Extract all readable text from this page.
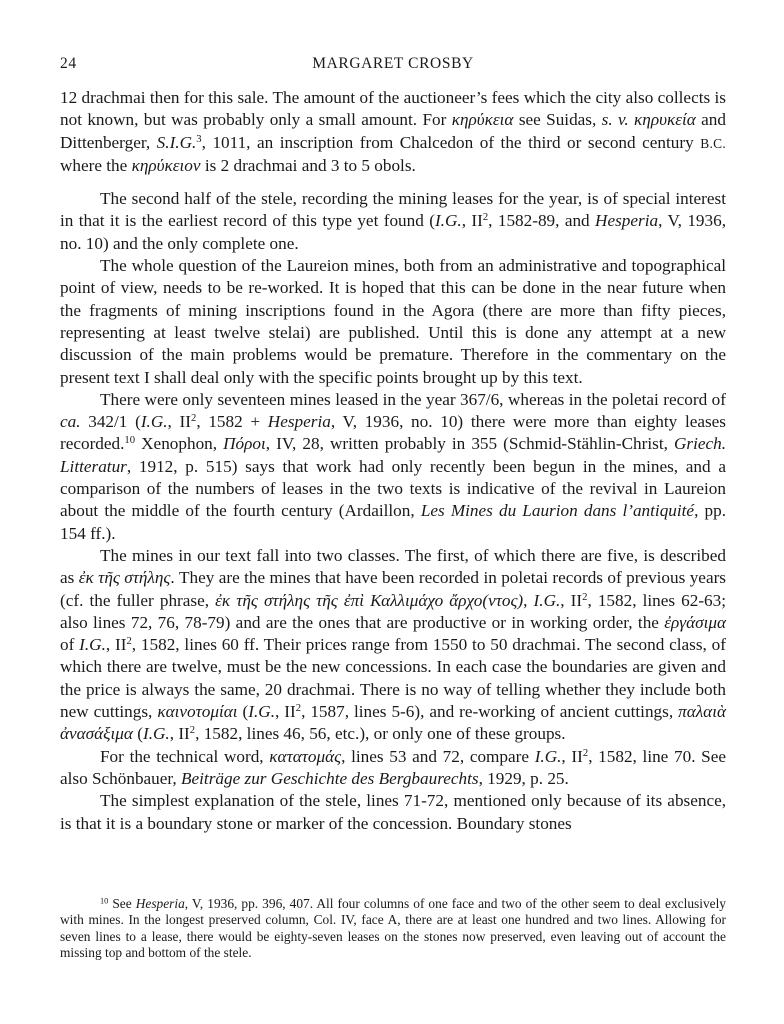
24	MARGARET CROSBY

12 drachmai then for this sale. The amount of the auctioneer’s fees which the city also collects is not known, but was probably only a small amount. For κηρύκεια see Suidas, s. v. κηρυκεία and Dittenberger, S.I.G.$^3$, 1011, an inscription from Chalcedon of the third or second century B.C. where the κηρύκειον is 2 drachmai and 3 to 5 obols.

The second half of the stele, recording the mining leases for the year, is of special interest in that it is the earliest record of this type yet found (I.G., $II^2$, 1582-89, and Hesperia, V, 1936, no. 10) and the only complete one.

The whole question of the Laureion mines, both from an administrative and topographical point of view, needs to be re-worked. It is hoped that this can be done in the near future when the fragments of mining inscriptions found in the Agora (there are more than fifty pieces, representing at least twelve stelai) are published. Until this is done any attempt at a new discussion of the main problems would be premature. Therefore in the commentary on the present text I shall deal only with the specific points brought up by this text.

There were only seventeen mines leased in the year 367/6, whereas in the poletai record of ca. 342/1 (I.G., $II^2$, 1582 + Hesperia, V, 1936, no. 10) there were more than eighty leases recorded.$^{10}$ Xenophon, Πόροι, IV, 28, written probably in 355 (Schmid-Stählin-Christ, Griech. Litteratur, 1912, p. 515) says that work had only recently been begun in the mines, and a comparison of the numbers of leases in the two texts is indicative of the revival in Laureion about the middle of the fourth century (Ardaillon, Les Mines du Laurion dans l’antiquité, pp. 154 ff.).

The mines in our text fall into two classes. The first, of which there are five, is described as ἐκ τῆς στήλης. They are the mines that have been recorded in poletai records of previous years (cf. the fuller phrase, ἐκ τῆς στήλης τῆς ἐπὶ Καλλιμάχο ἄρχο(ντος), I.G., $II^2$, 1582, lines 62-63; also lines 72, 76, 78-79) and are the ones that are productive or in working order, the ἐργάσιμα of I.G., $II^2$, 1582, lines 60 ff. Their prices range from 1550 to 50 drachmai. The second class, of which there are twelve, must be the new concessions. In each case the boundaries are given and the price is always the same, 20 drachmai. There is no way of telling whether they include both new cuttings, καινοτομίαι (I.G., $II^2$, 1587, lines 5-6), and re-working of ancient cuttings, παλαιὰ ἀνασάξιμα (I.G., $II^2$, 1582, lines 46, 56, etc.), or only one of these groups.

For the technical word, κατατομάς, lines 53 and 72, compare I.G., $II^2$, 1582, line 70. See also Schönbauer, Beiträge zur Geschichte des Bergbaurechts, 1929, p. 25.

The simplest explanation of the stele, lines 71-72, mentioned only because of its absence, is that it is a boundary stone or marker of the concession. Boundary stones

$^{10}$ See Hesperia, V, 1936, pp. 396, 407. All four columns of one face and two of the other seem to deal exclusively with mines. In the longest preserved column, Col. IV, face A, there are at least one hundred and two lines. Allowing for seven lines to a lease, there would be eighty-seven leases on the stones now preserved, even leaving out of account the missing top and bottom of the stele.
